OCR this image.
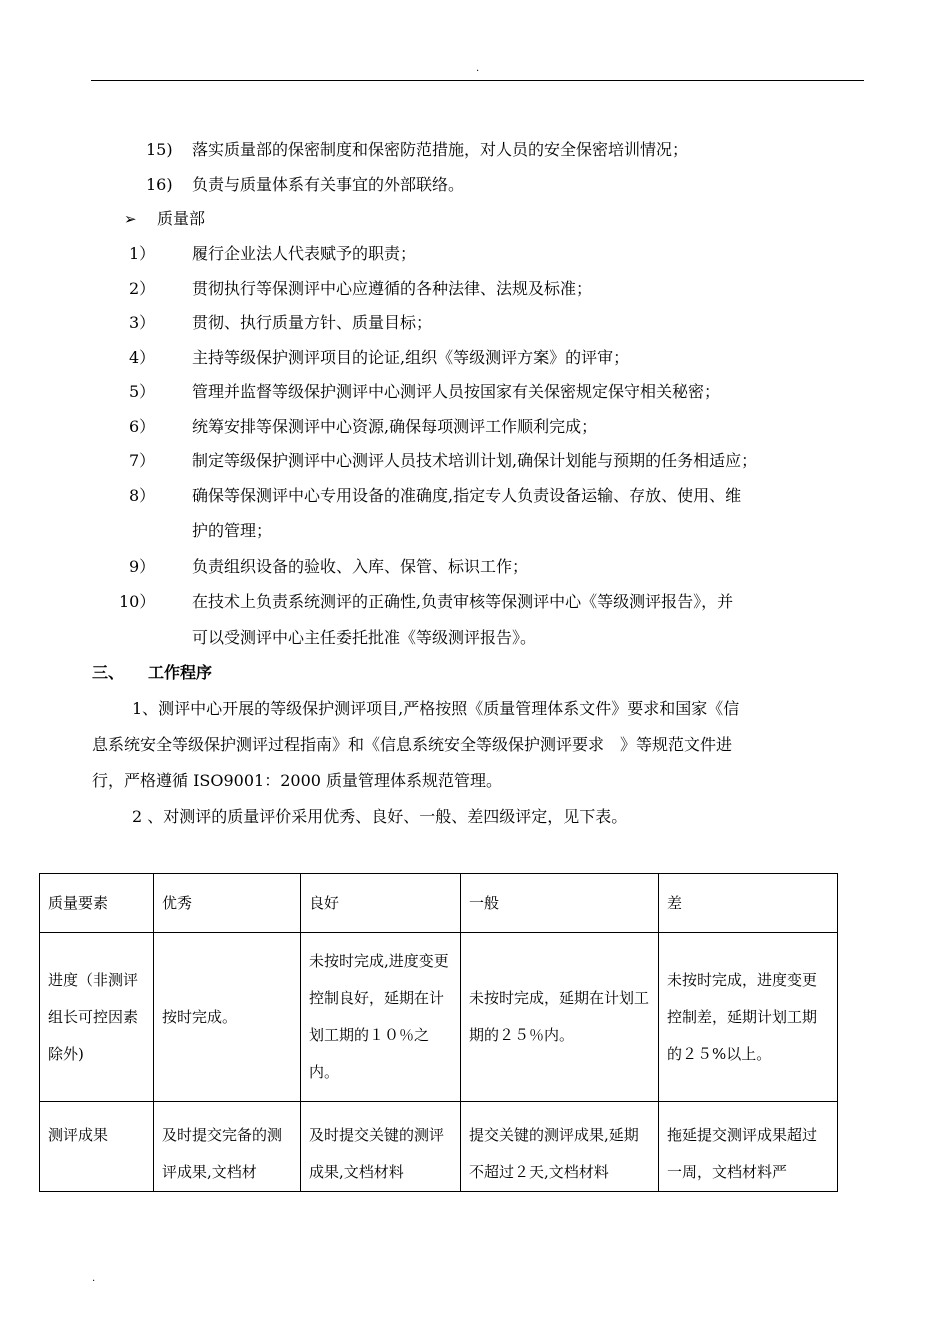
.
15) 落实质量部的保密制度和保密防范措施，对人员的安全保密培训情况；
16) 负责与质量体系有关事宜的外部联络。
➢ 质量部
1） 履行企业法人代表赋予的职责；
2） 贯彻执行等保测评中心应遵循的各种法律、法规及标准；
3） 贯彻、执行质量方针、质量目标；
4） 主持等级保护测评项目的论证,组织《等级测评方案》的评审；
5） 管理并监督等级保护测评中心测评人员按国家有关保密规定保守相关秘密；
6） 统筹安排等保测评中心资源,确保每项测评工作顺利完成；
7） 制定等级保护测评中心测评人员技术培训计划,确保计划能与预期的任务相适应；
8） 确保等保测评中心专用设备的准确度,指定专人负责设备运输、存放、使用、维
护的管理；
9） 负责组织设备的验收、入库、保管、标识工作；
10） 在技术上负责系统测评的正确性,负责审核等保测评中心《等级测评报告》，并
可以受测评中心主任委托批准《等级测评报告》。
三、 工作程序
1、测评中心开展的等级保护测评项目,严格按照《质量管理体系文件》要求和国家《信
息系统安全等级保护测评过程指南》和《信息系统安全等级保护测评要求　》等规范文件进
行，严格遵循 ISO9001：2000 质量管理体系规范管理。
2 、对测评的质量评价采用优秀、良好、一般、差四级评定，见下表。
质量要素	优秀	良好	一般	差

进度（非测评组长可控因素除外)	按时完成。	未按时完成,进度变更控制良好，延期在计划工期的１０％之内。	未按时完成，延期在计划工期的２５％内。	未按时完成，进度变更控制差，延期计划工期的２５%以上。

测评成果	及时提交完备的测评成果,文档材	及时提交关键的测评成果,文档材料	提交关键的测评成果,延期不超过２天,文档材料	拖延提交测评成果超过一周，文档材料严
.
